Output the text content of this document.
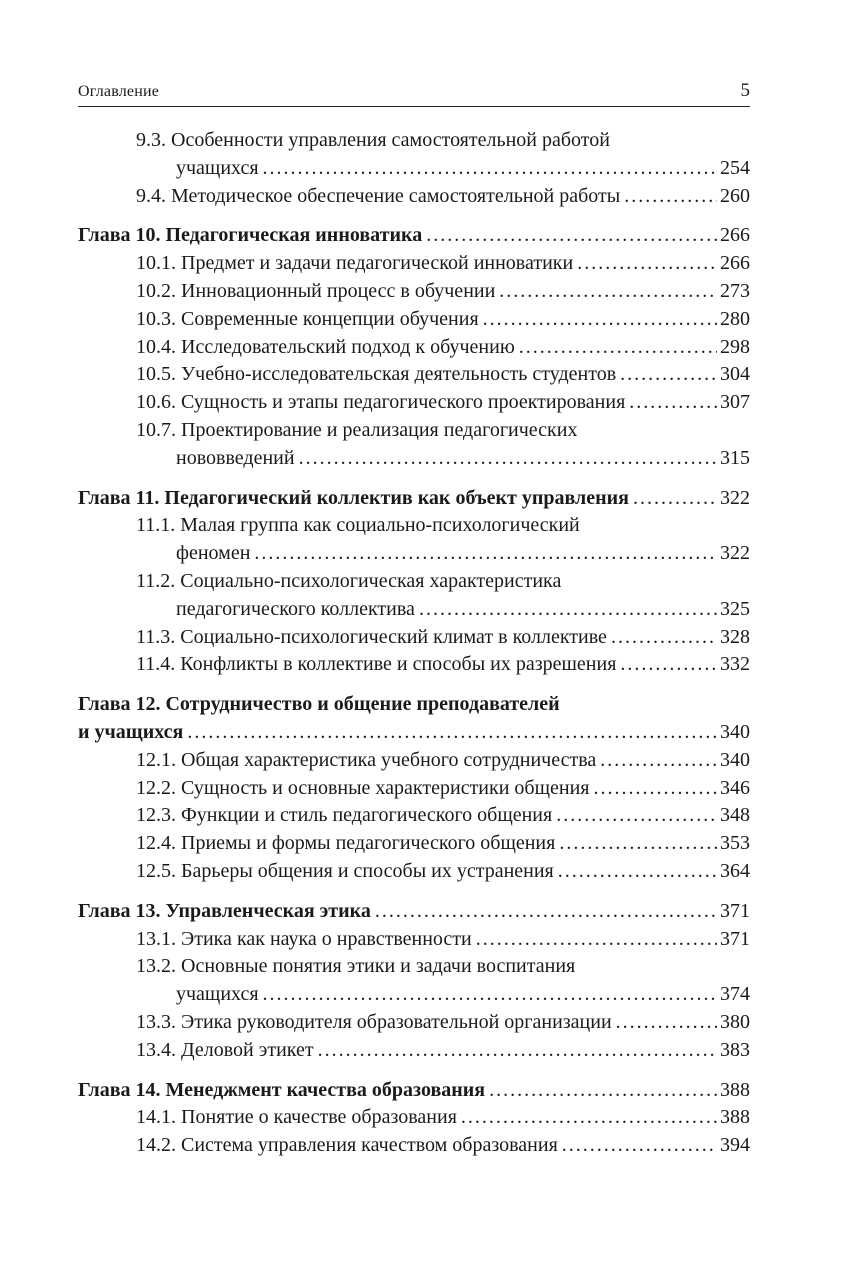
Оглавление	5
9.3. Особенности управления самостоятельной работой
учащихся .....	254
9.4. Методическое обеспечение самостоятельной работы .....	260
Глава 10. Педагогическая инноватика .....	266
10.1. Предмет и задачи педагогической инноватики .....	266
10.2. Инновационный процесс в обучении .....	273
10.3. Современные концепции обучения .....	280
10.4. Исследовательский подход к обучению .....	298
10.5. Учебно-исследовательская деятельность студентов .....	304
10.6. Сущность и этапы педагогического проектирования .....	307
10.7. Проектирование и реализация педагогических
нововведений .....	315
Глава 11. Педагогический коллектив как объект управления .....	322
11.1. Малая группа как социально-психологический
феномен .....	322
11.2. Социально-психологическая характеристика
педагогического коллектива .....	325
11.3. Социально-психологический климат в коллективе .....	328
11.4. Конфликты в коллективе и способы их разрешения .....	332
Глава 12. Сотрудничество и общение преподавателей
и учащихся .....	340
12.1. Общая характеристика учебного сотрудничества .....	340
12.2. Сущность и основные характеристики общения .....	346
12.3. Функции и стиль педагогического общения .....	348
12.4. Приемы и формы педагогического общения .....	353
12.5. Барьеры общения и способы их устранения .....	364
Глава 13. Управленческая этика .....	371
13.1. Этика как наука о нравственности .....	371
13.2. Основные понятия этики и задачи воспитания
учащихся .....	374
13.3. Этика руководителя образовательной организации .....	380
13.4. Деловой этикет .....	383
Глава 14. Менеджмент качества образования .....	388
14.1. Понятие о качестве образования .....	388
14.2. Система управления качеством образования .....	394
